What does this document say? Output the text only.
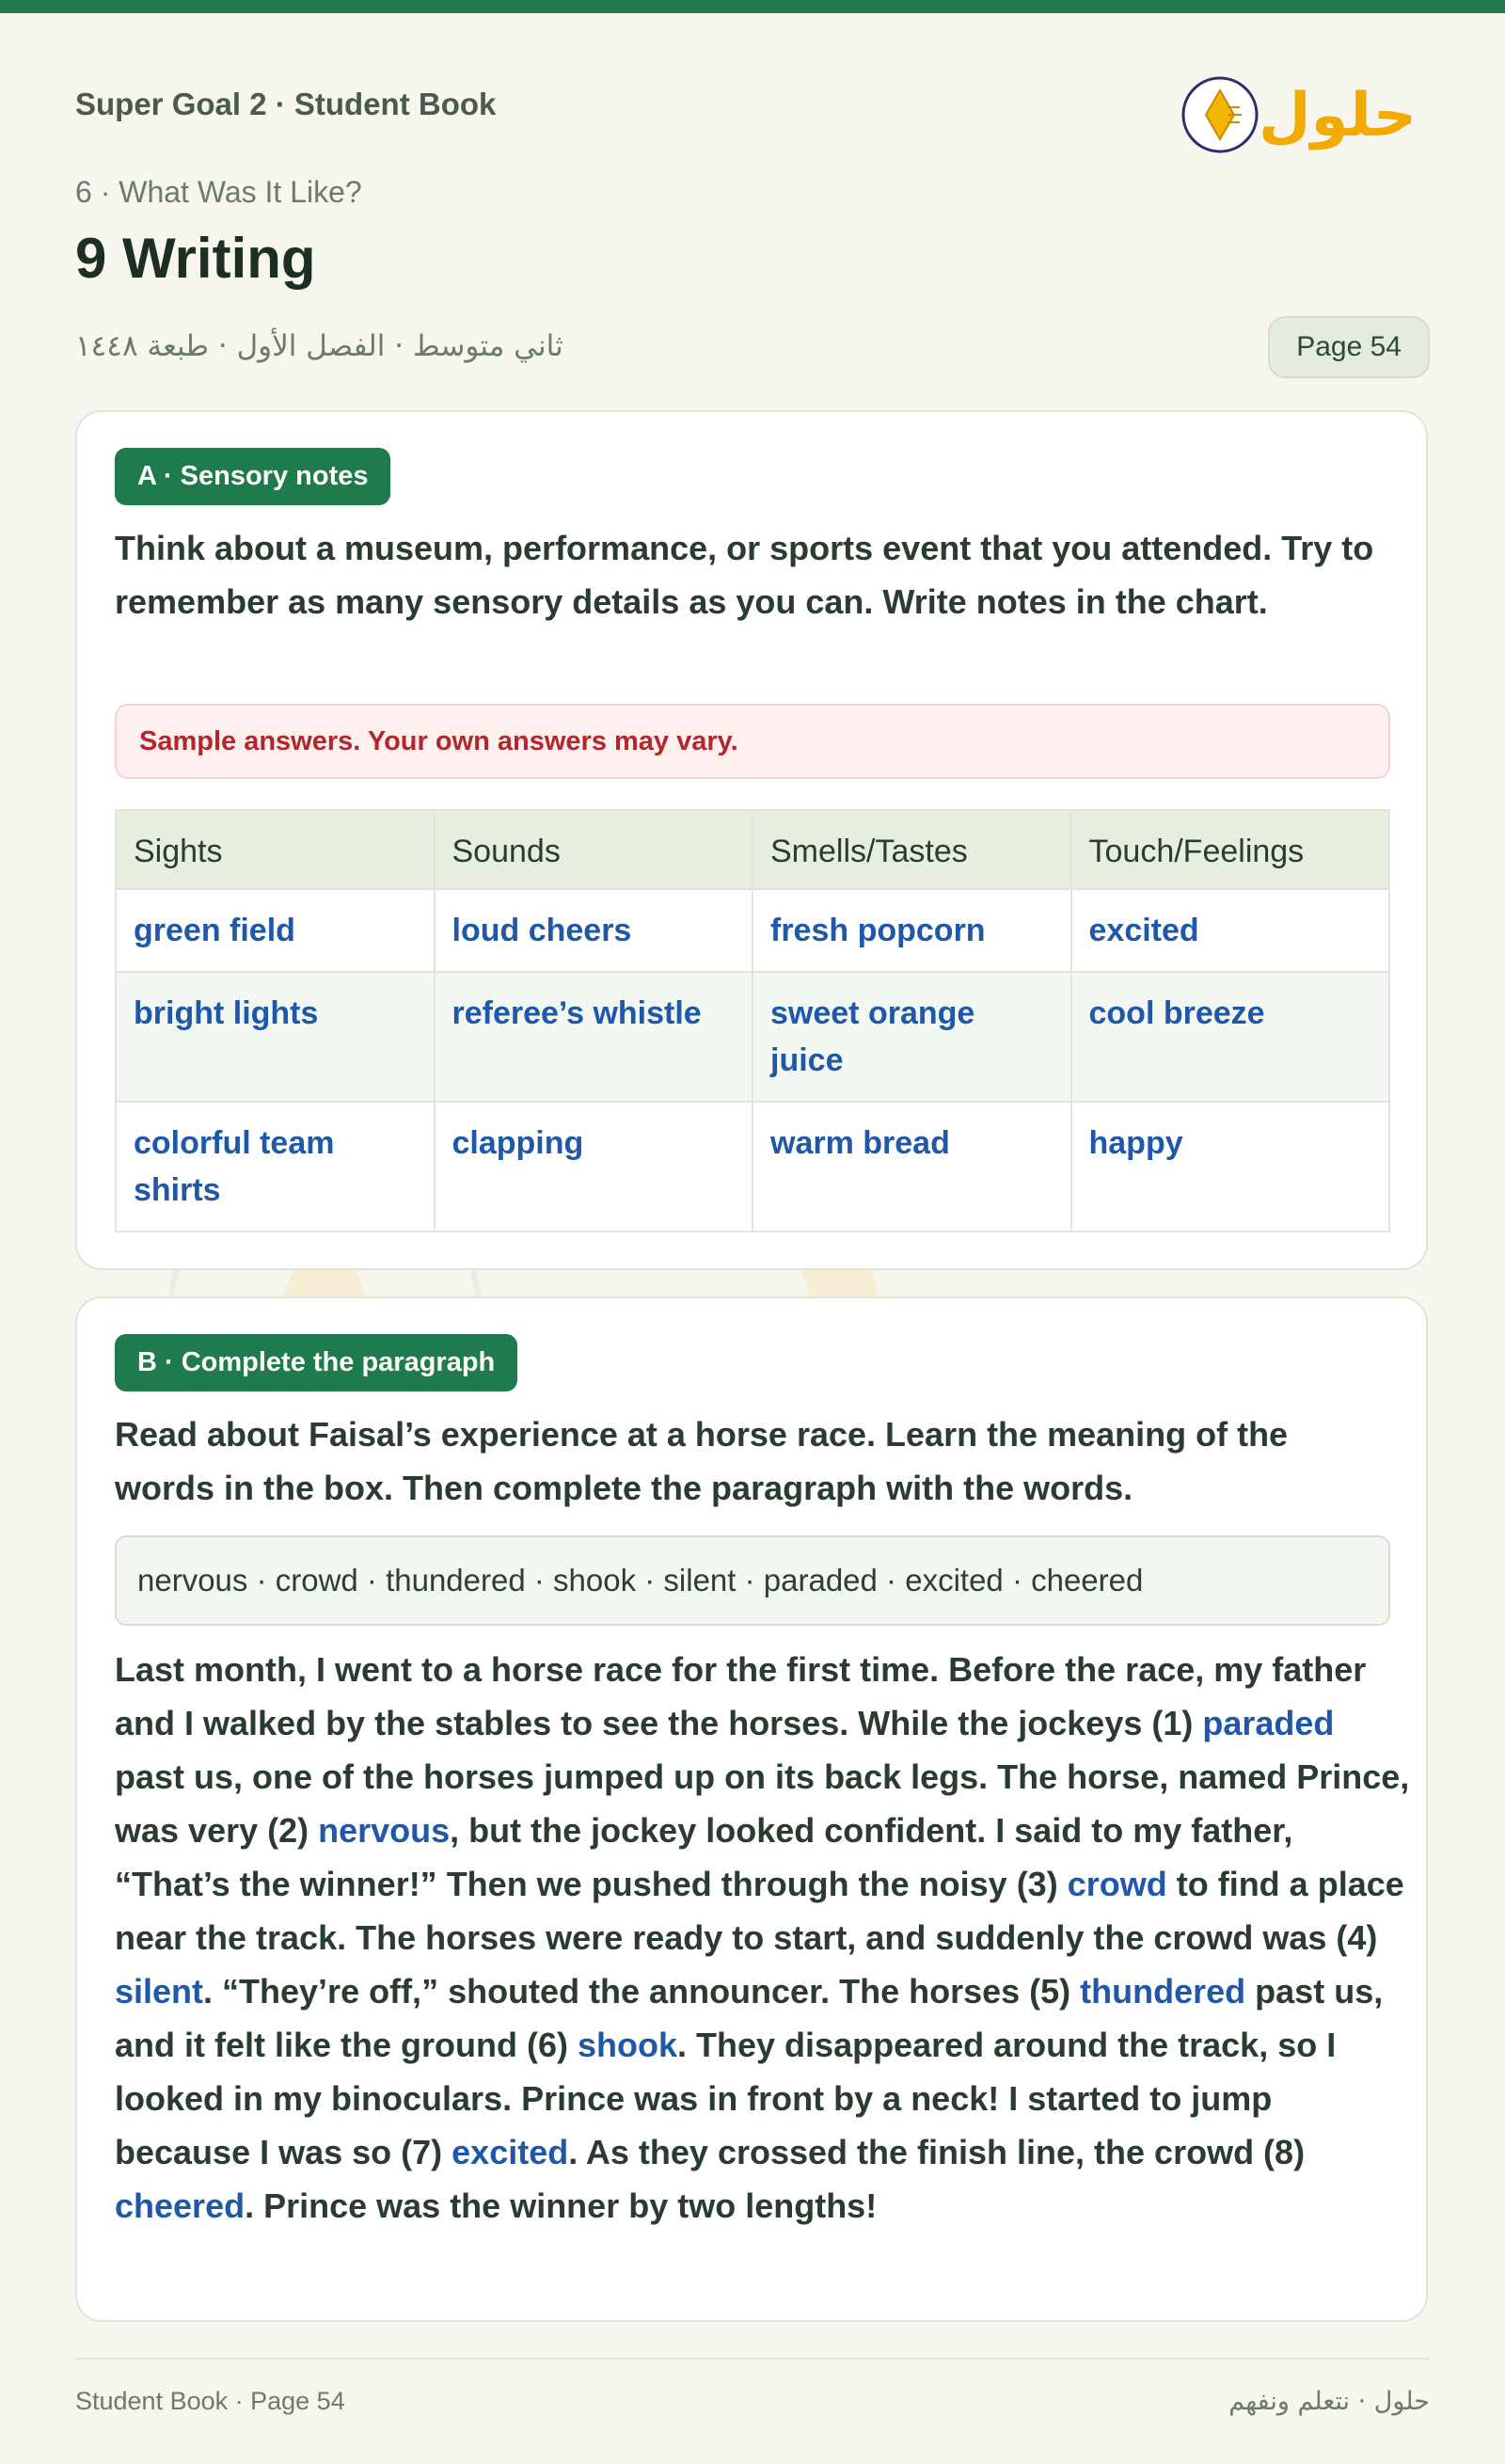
Super Goal 2 · Student Book	حلول
6 · What Was It Like?
9 Writing
ثاني متوسط · الفصل الأول · طبعة ١٤٤٨	Page 54
A · Sensory notes
Think about a museum, performance, or sports event that you attended. Try to remember as many sensory details as you can. Write notes in the chart.
Sample answers. Your own answers may vary.
Sights	Sounds	Smells/Tastes	Touch/Feelings
green field	loud cheers	fresh popcorn	excited
bright lights	referee’s whistle	sweet orange juice	cool breeze
colorful team shirts	clapping	warm bread	happy
B · Complete the paragraph
Read about Faisal’s experience at a horse race. Learn the meaning of the words in the box. Then complete the paragraph with the words.
nervous · crowd · thundered · shook · silent · paraded · excited · cheered
Last month, I went to a horse race for the first time. Before the race, my father and I walked by the stables to see the horses. While the jockeys (1) paraded past us, one of the horses jumped up on its back legs. The horse, named Prince, was very (2) nervous, but the jockey looked confident. I said to my father, “That’s the winner!” Then we pushed through the noisy (3) crowd to find a place near the track. The horses were ready to start, and suddenly the crowd was (4) silent. “They’re off,” shouted the announcer. The horses (5) thundered past us, and it felt like the ground (6) shook. They disappeared around the track, so I looked in my binoculars. Prince was in front by a neck! I started to jump because I was so (7) excited. As they crossed the finish line, the crowd (8) cheered. Prince was the winner by two lengths!
Student Book · Page 54	حلول · نتعلم ونفهم
